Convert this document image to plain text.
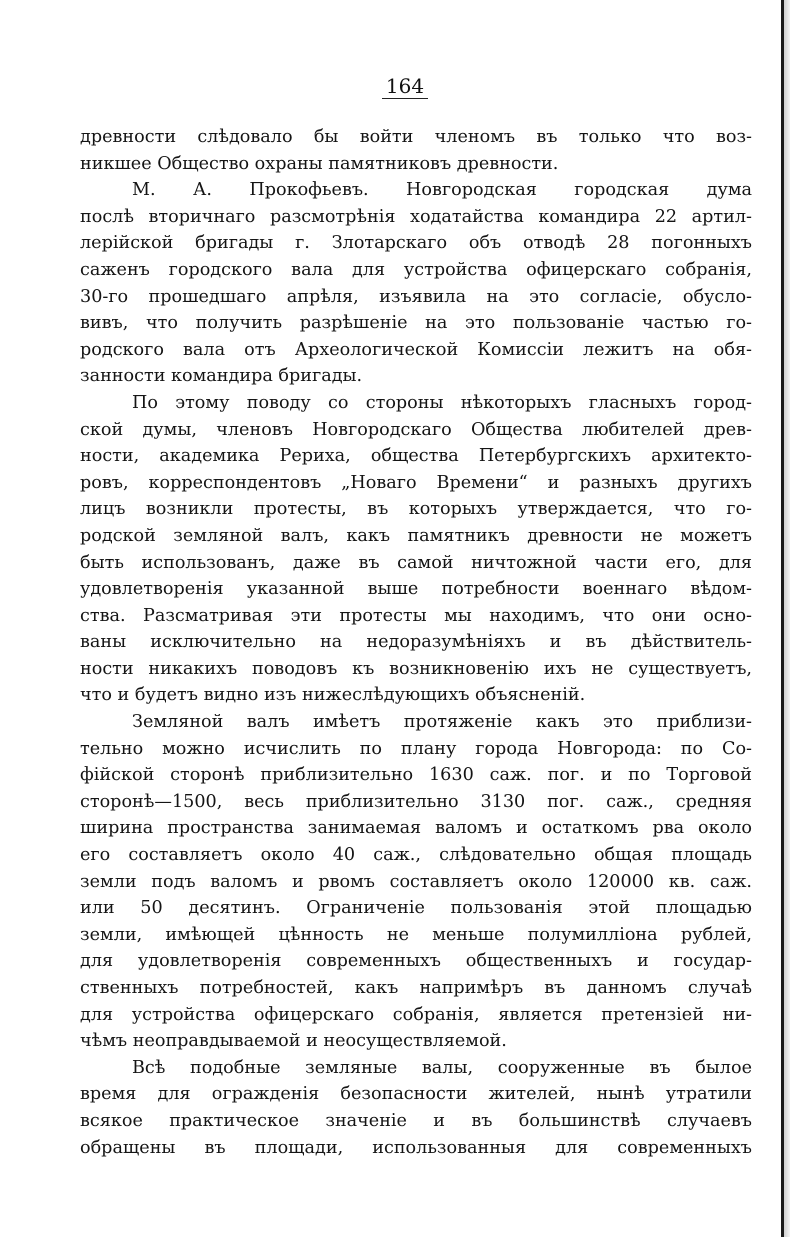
164
древности слѣдовало бы войти членомъ въ только что воз-
никшее Общество охраны памятниковъ древности.
М. А. Прокофьевъ. Новгородская городская дума
послѣ вторичнаго разсмотрѣнія ходатайства командира 22 артил-
лерійской бригады г. Злотарскаго объ отводѣ 28 погонныхъ
саженъ городского вала для устройства офицерскаго собранія,
30-го прошедшаго апрѣля, изъявила на это согласіе, обусло-
вивъ, что получить разрѣшеніе на это пользованіе частью го-
родского вала отъ Археологической Комиссіи лежитъ на обя-
занности командира бригады.
По этому поводу со стороны нѣкоторыхъ гласныхъ город-
ской думы, членовъ Новгородскаго Общества любителей древ-
ности, академика Рериха, общества Петербургскихъ архитекто-
ровъ, корреспондентовъ „Новаго Времени“ и разныхъ другихъ
лицъ возникли протесты, въ которыхъ утверждается, что го-
родской земляной валъ, какъ памятникъ древности не можетъ
быть использованъ, даже въ самой ничтожной части его, для
удовлетворенія указанной выше потребности военнаго вѣдом-
ства. Разсматривая эти протесты мы находимъ, что они осно-
ваны исключительно на недоразумѣніяхъ и въ дѣйствитель-
ности никакихъ поводовъ къ возникновенію ихъ не существуетъ,
что и будетъ видно изъ нижеслѣдующихъ объясненій.
Земляной валъ имѣетъ протяженіе какъ это приблизи-
тельно можно исчислить по плану города Новгорода: по Со-
фійской сторонѣ приблизительно 1630 саж. пог. и по Торговой
сторонѣ—1500, весь приблизительно 3130 пог. саж., средняя
ширина пространства занимаемая валомъ и остаткомъ рва около
его составляетъ около 40 саж., слѣдовательно общая площадь
земли подъ валомъ и рвомъ составляетъ около 120000 кв. саж.
или 50 десятинъ. Ограниченіе пользованія этой площадью
земли, имѣющей цѣнность не меньше полумилліона рублей,
для удовлетворенія современныхъ общественныхъ и государ-
ственныхъ потребностей, какъ напримѣръ въ данномъ случаѣ
для устройства офицерскаго собранія, является претензіей ни-
чѣмъ неоправдываемой и неосуществляемой.
Всѣ подобные земляные валы, сооруженные въ былое
время для огражденія безопасности жителей, нынѣ утратили
всякое практическое значеніе и въ большинствѣ случаевъ
обращены въ площади, использованныя для современныхъ
